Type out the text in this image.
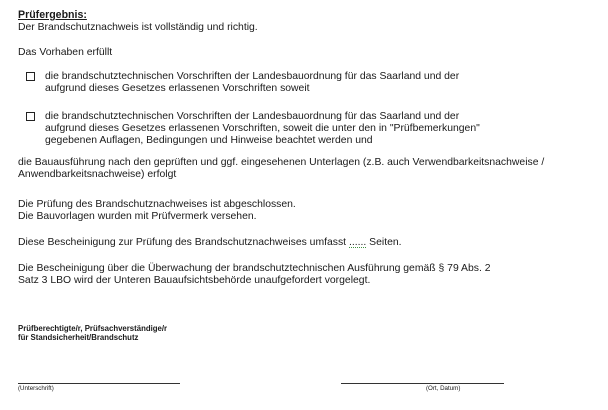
Prüfergebnis:
Der Brandschutznachweis ist vollständig und richtig.
Das Vorhaben erfüllt
die brandschutztechnischen Vorschriften der Landesbauordnung für das Saarland und der
aufgrund dieses Gesetzes erlassenen Vorschriften soweit
die brandschutztechnischen Vorschriften der Landesbauordnung für das Saarland und der
aufgrund dieses Gesetzes erlassenen Vorschriften, soweit die unter den in "Prüfbemerkungen"
gegebenen Auflagen, Bedingungen und Hinweise beachtet werden und
die Bauausführung nach den geprüften und ggf. eingesehenen Unterlagen (z.B. auch Verwendbarkeitsnachweise /
Anwendbarkeitsnachweise) erfolgt
Die Prüfung des Brandschutznachweises ist abgeschlossen.
Die Bauvorlagen wurden mit Prüfvermerk versehen.
Diese Bescheinigung zur Prüfung des Brandschutznachweises umfasst ...... Seiten.
Die Bescheinigung über die Überwachung der brandschutztechnischen Ausführung gemäß § 79 Abs. 2
Satz 3 LBO wird der Unteren Bauaufsichtsbehörde unaufgefordert vorgelegt.
Prüfberechtigte/r, Prüfsachverständige/r
für Standsicherheit/Brandschutz
(Unterschrift)	(Ort, Datum)
